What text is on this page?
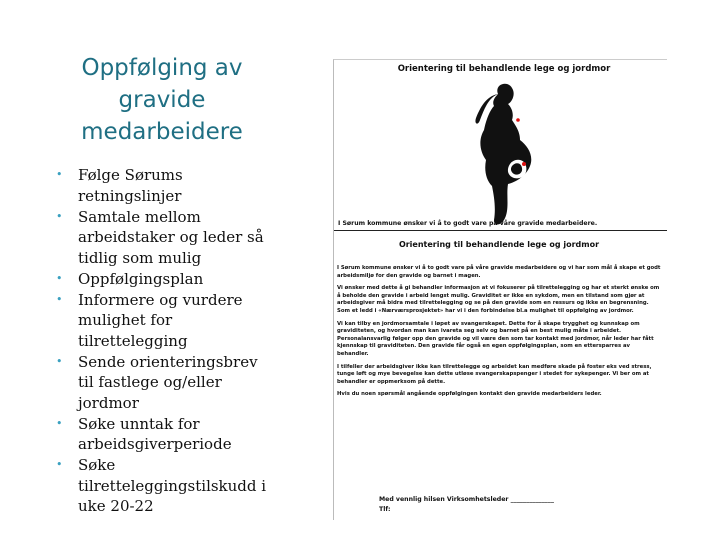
Oppfølging av
gravide
medarbeidere
• Følge Sørums retningslinjer
• Samtale mellom arbeidstaker og leder så tidlig som mulig
• Oppfølgingsplan
• Informere og vurdere mulighet for tilrettelegging
• Sende orienteringsbrev til fastlege og/eller jordmor
• Søke unntak for arbeidsgiverperiode
• Søke tilretteleggingstilskudd i uke 20-22
Orientering til behandlende lege og jordmor
I Sørum kommune ønsker vi å to godt vare på våre gravide medarbeidere.
Orientering til behandlende lege og jordmor

I Sørum kommune ønsker vi å to godt vare på våre gravide medarbeidere og vi har som mål å skape et godt arbeidsmiljø for den gravide og barnet i magen.

Vi ønsker med dette å gi behandler informasjon at vi fokuserer på tilrettelegging og har et sterkt ønske om å beholde den gravide i arbeid lengst mulig. Graviditet er ikke en sykdom, men en tilstand som gjør at arbeidsgiver må bidra med tilrettelegging og se på den gravide som en ressurs og ikke en begrensning. Som et ledd i «Nærværsprosjektet» har vi i den forbindelse bl.a mulighet til oppfølging av jordmor.

Vi kan tilby en jordmorsamtale i løpet av svangerskapet. Dette for å skape trygghet og kunnskap om graviditeten, og hvordan man kan ivareta seg selv og barnet på en best mulig måte i arbeidet. Personalansvarlig følger opp den gravide og vil være den som tar kontakt med jordmor, når leder har fått kjennskap til graviditeten. Den gravide får også en egen oppfølgingsplan, som en ettersparres av behandler.

I tilfeller der arbeidsgiver ikke kan tilrettelegge og arbeidet kan medføre skade på foster eks ved stress, tunge løft og mye bevegelse kan dette utløse svangerskapspenger i stedet for sykepenger. Vi ber om at behandler er oppmerksom på dette.

Hvis du noen spørsmål angående oppfølgingen kontakt den gravide medarbeiders leder.

Med vennlig hilsen Virksomhetsleder ______________
Tlf:
